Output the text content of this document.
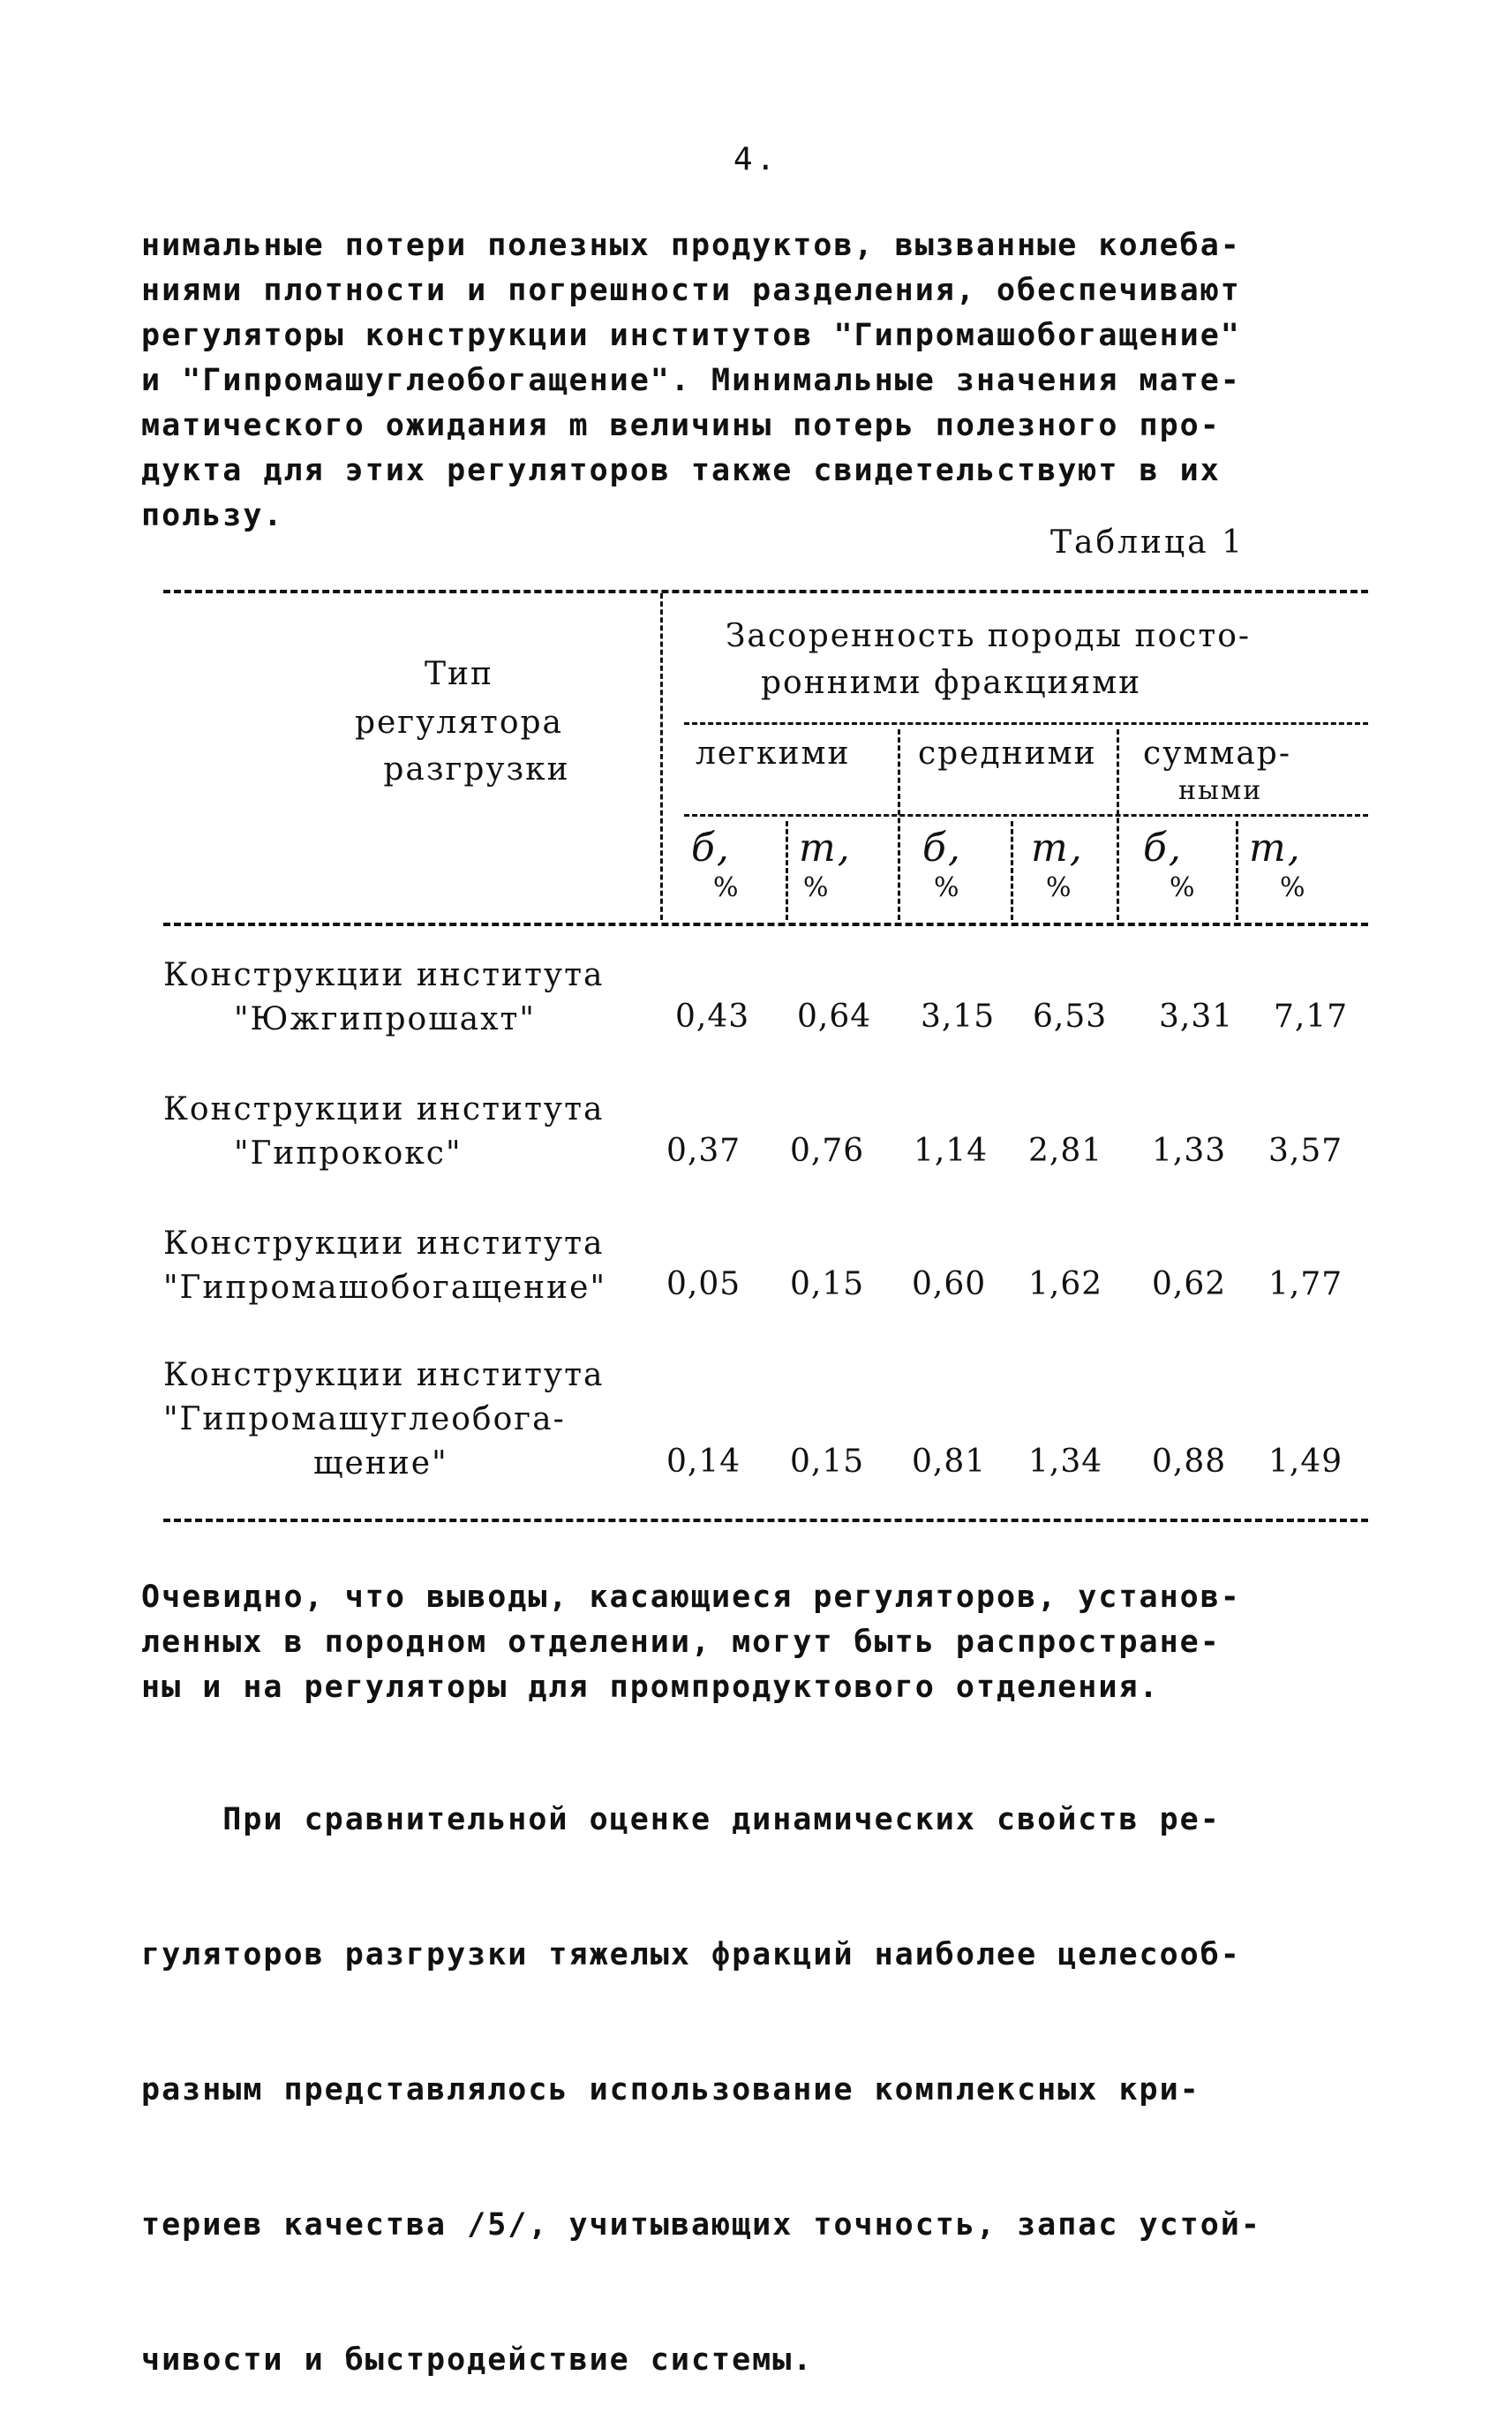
4.
нимальные потери полезных продуктов, вызванные колеба-
ниями плотности и погрешности разделения, обеспечивают
регуляторы конструкции институтов "Гипромашобогащение"
и "Гипромашуглеобогащение". Минимальные значения мате-
матического ожидания m величины потерь полезного про-
дукта для этих регуляторов также свидетельствуют в их
пользу.
Таблица 1
Тип
регулятора
разгрузки
Засоренность породы посто-
ронними фракциями
легкими средними суммар-
ными
б,
%
m,
%
б,
%
m,
%
б,
%
m,
%
Конструкции института
"Южгипрошахт"
Конструкции института
"Гипрококс"
Конструкции института
"Гипромашобогащение"
Конструкции института
"Гипромашуглеобога-
щение"
0,43 0,64 3,15 6,53 3,31 7,17
0,37 0,76 1,14 2,81 1,33 3,57
0,05 0,15 0,60 1,62 0,62 1,77
0,14 0,15 0,81 1,34 0,88 1,49
Очевидно, что выводы, касающиеся регуляторов, установ-
ленных в породном отделении, могут быть распростране-
ны и на регуляторы для промпродуктового отделения.

При сравнительной оценке динамических свойств ре-

гуляторов разгрузки тяжелых фракций наиболее целесооб-

разным представлялось использование комплексных кри-

териев качества /5/, учитывающих точность, запас устой-

чивости и быстродействие системы.
